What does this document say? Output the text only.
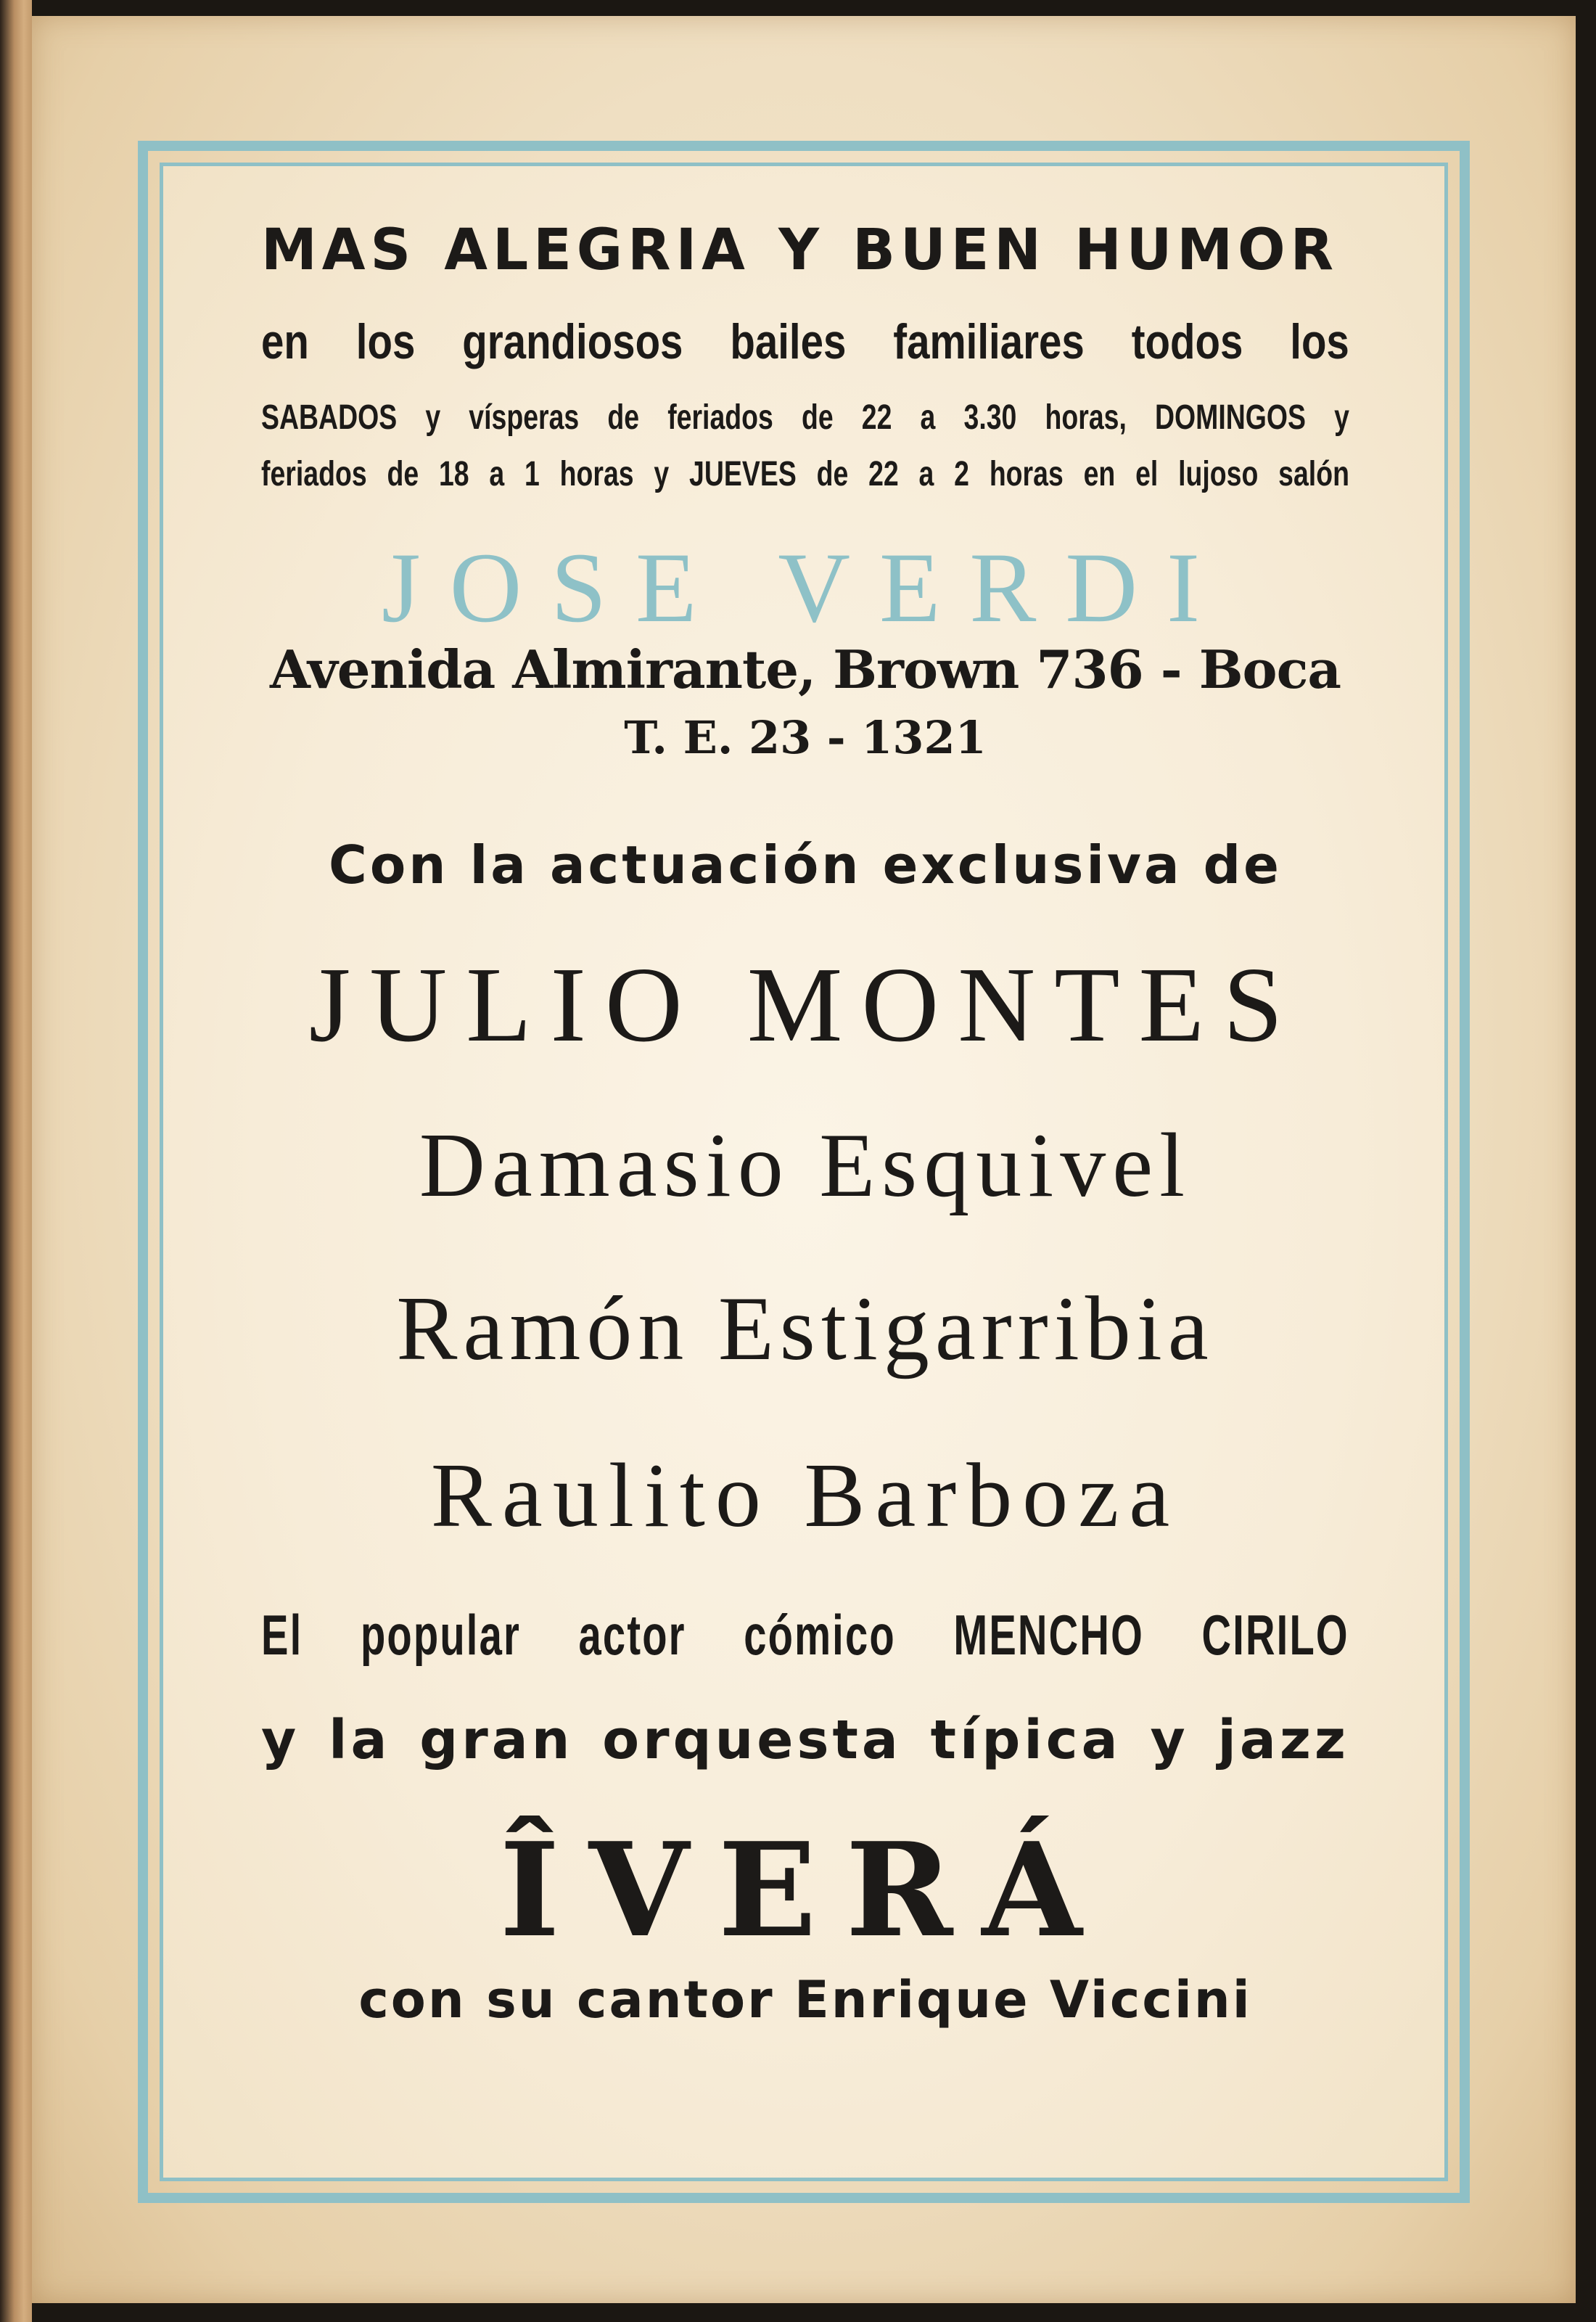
MAS ALEGRIA Y BUEN HUMOR

en los grandiosos bailes familiares todos los

SABADOS y vísperas de feriados de 22 a 3.30 horas, DOMINGOS y

feriados de 18 a 1 horas y JUEVES de 22 a 2 horas en el lujoso salón

JOSE VERDI

Avenida Almirante, Brown 736 - Boca

T. E. 23 - 1321

Con la actuación exclusiva de

JULIO MONTES

Damasio Esquivel

Ramón Estigarribia

Raulito Barboza

El popular actor cómico MENCHO CIRILO

y la gran orquesta típica y jazz

ÎVERÁ

con su cantor Enrique Viccini
